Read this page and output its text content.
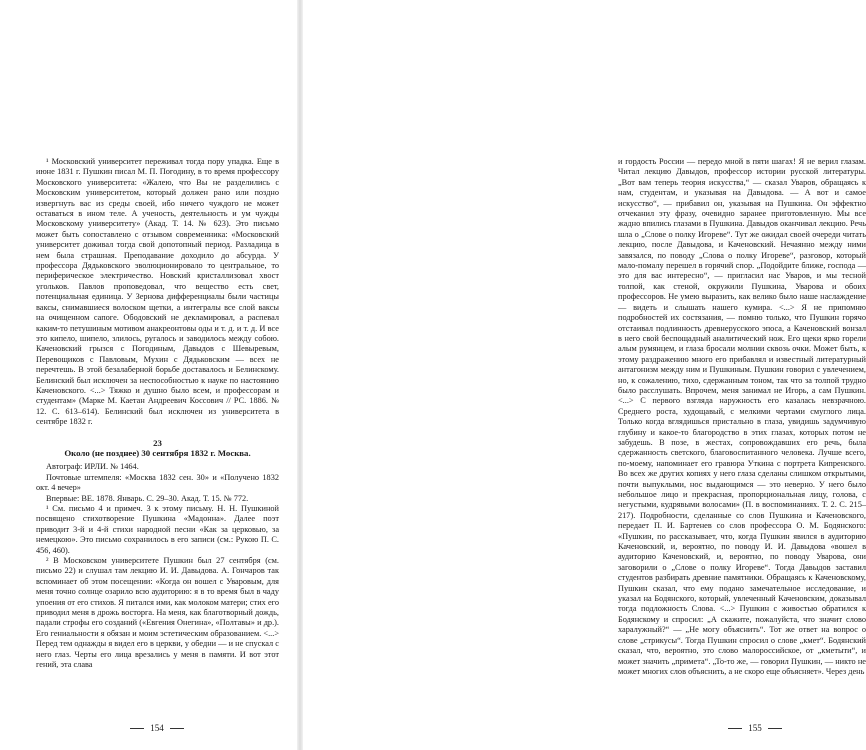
¹ Московский университет переживал тогда пору упадка. Еще в июне 1831 г. Пушкин писал М. П. Погодину, в то время профессору Московского университета: «Жалею, что Вы не разделились с Московским университетом, который должен рано или поздно извергнуть вас из среды своей, ибо ничего чуждого не может оставаться в ином теле. А ученость, деятельность и ум чужды Московскому университету» (Акад. Т. 14. № 623). Это письмо может быть сопоставлено с отзывом современника: «Московский университет доживал тогда свой допотопный период. Разладица в нем была страшная. Преподавание доходило до абсурда. У профессора Дядьковского эволюционировало то центральное, то периферическое электричество. Новский кристаллизовал хвост угольков. Павлов проповедовал, что вещество есть свет, потенциальная единица. У Зернова дифференциалы были частицы ваксы, снимавшиеся волоском щетки, а интегралы все слой ваксы на очищенном сапоге. Ободовский не декламировал, а распевал каким-то петушиным мотивом анакреонтовы оды и т. д. и т. д. И все это кипело, шипело, злилось, ругалось и заводилось между собою. Каченовский грызся с Погодиным, Давыдов с Шевыревым, Перевощиков с Павловым, Мухин с Дядьковским — всех не перечтешь. В этой безалаберной борьбе доставалось и Белинскому. Белинский был исключен за неспособностью к науке по настоянию Каченовского. <...> Тяжко и душно было всем, и профессорам и студентам» (Марке М. Каетан Андреевич Коссович // РС. 1886. № 12. С. 613–614). Белинский был исключен из университета в сентябре 1832 г.

23
Около (не позднее) 30 сентября 1832 г. Москва.

Автограф: ИРЛИ. № 1464.

Почтовые штемпеля: «Москва 1832 сен. 30» и «Получено 1832 окт. 4 вечер»

Впервые: ВЕ. 1878. Январь. С. 29–30. Акад. Т. 15. № 772.

¹ См. письмо 4 и примеч. 3 к этому письму. Н. Н. Пушкиной посвящено стихотворение Пушкина «Мадонна». Далее поэт приводит 3-й и 4-й стихи народной песни «Как за церковью, за немецкою». Это письмо сохранилось в его записи (см.: Рукою П. С. 456, 460).

² В Московском университете Пушкин был 27 сентября (см. письмо 22) и слушал там лекцию И. И. Давыдова. А. Гончаров так вспоминает об этом посещении: «Когда он вошел с Уваровым, для меня точно солнце озарило всю аудиторию: я в то время был в чаду упоения от его стихов. Я питался ими, как молоком матери; стих его приводил меня в дрожь восторга. На меня, как благотворный дождь, падали строфы его созданий («Евгения Онегина», «Полтавы» и др.). Его гениальности я обязан и моим эстетическим образованием. <...> Перед тем однажды я видел его в церкви, у обедни — и не спускал с него глаз. Черты его лица врезались у меня в памяти. И вот этот гений, эта слава

154

и гордость России — передо мной в пяти шагах! Я не верил глазам. Читал лекцию Давыдов, профессор истории русской литературы. „Вот вам теперь теория искусства,“ — сказал Уваров, обращаясь к нам, студентам, и указывая на Давыдова. — А вот и самое искусство“, — прибавил он, указывая на Пушкина. Он эффектно отчеканил эту фразу, очевидно заранее приготовленную. Мы все жадно впились глазами в Пушкина. Давыдов оканчивал лекцию. Речь шла о „Слове о полку Игореве“. Тут же ожидал своей очереди читать лекцию, после Давыдова, и Каченовский. Нечаянно между ними завязался, по поводу „Слова о полку Игореве“, разговор, который мало-помалу перешел в горячий спор. „Подойдите ближе, господа — это для вас интересно“, — пригласил нас Уваров, и мы тесной толпой, как стеной, окружили Пушкина, Уварова и обоих профессоров. Не умею выразить, как велико было наше наслаждение — видеть и слышать нашего кумира. <...> Я не припомню подробностей их состязания, — помню только, что Пушкин горячо отстаивал подлинность древнерусского эпоса, а Каченовский вонзал в него свой беспощадный аналитический нож. Его щеки ярко горели алым румянцем, и глаза бросали молнии сквозь очки. Может быть, к этому раздражению много его прибавлял и известный литературный антагонизм между ним и Пушкиным. Пушкин говорил с увлечением, но, к сожалению, тихо, сдержанным тоном, так что за толпой трудно было расслушать. Впрочем, меня занимал не Игорь, а сам Пушкин. <...> С первого взгляда наружность его казалась невзрачною. Среднего роста, худощавый, с мелкими чертами смуглого лица. Только когда вглядишься пристально в глаза, увидишь задумчивую глубину и какое-то благородство в этих глазах, которых потом не забудешь. В позе, в жестах, сопровождавших его речь, была сдержанность светского, благовоспитанного человека. Лучше всего, по-моему, напоминает его гравюра Уткина с портрета Кипренского. Во всех же других копиях у него глаза сделаны слишком открытыми, почти выпуклыми, нос выдающимся — это неверно. У него было небольшое лицо и прекрасная, пропорциональная лицу, голова, с негустыми, кудрявыми волосами» (П. в воспоминаниях. Т. 2. С. 215–217). Подробности, сделанные со слов Пушкина и Каченовского, передает П. И. Бартенев со слов профессора О. М. Бодянского: «Пушкин, по рассказывает, что, когда Пушкин явился в аудиторию Каченовский, и, вероятно, по поводу И. И. Давыдова «вошел в аудиторию Каченовский, и, вероятно, по поводу Уварова, они заговорили о „Слове о полку Игореве“. Тогда Давыдов заставил студентов разбирать древние памятники. Обращаясь к Каченовскому, Пушкин сказал, что ему подано замечательное исследование, и указал на Бодянского, который, увлеченный Каченовским, доказывал тогда подложность Слова. <...> Пушкин с живостью обратился к Бодянскому и спросил: „А скажите, пожалуйста, что значит слово харалужный?“ — „Не могу объяснить“. Тот же ответ на вопрос о слове „стрикусы“. Тогда Пушкин спросил о слове „кмет“. Бодянский сказал, что, вероятно, это слово малороссийское, от „кметыти“, и может значить „примета“. „То-то же, — говорил Пушкин, — никто не может многих слов объяснить, а не скоро еще объясняет». Через день

155
